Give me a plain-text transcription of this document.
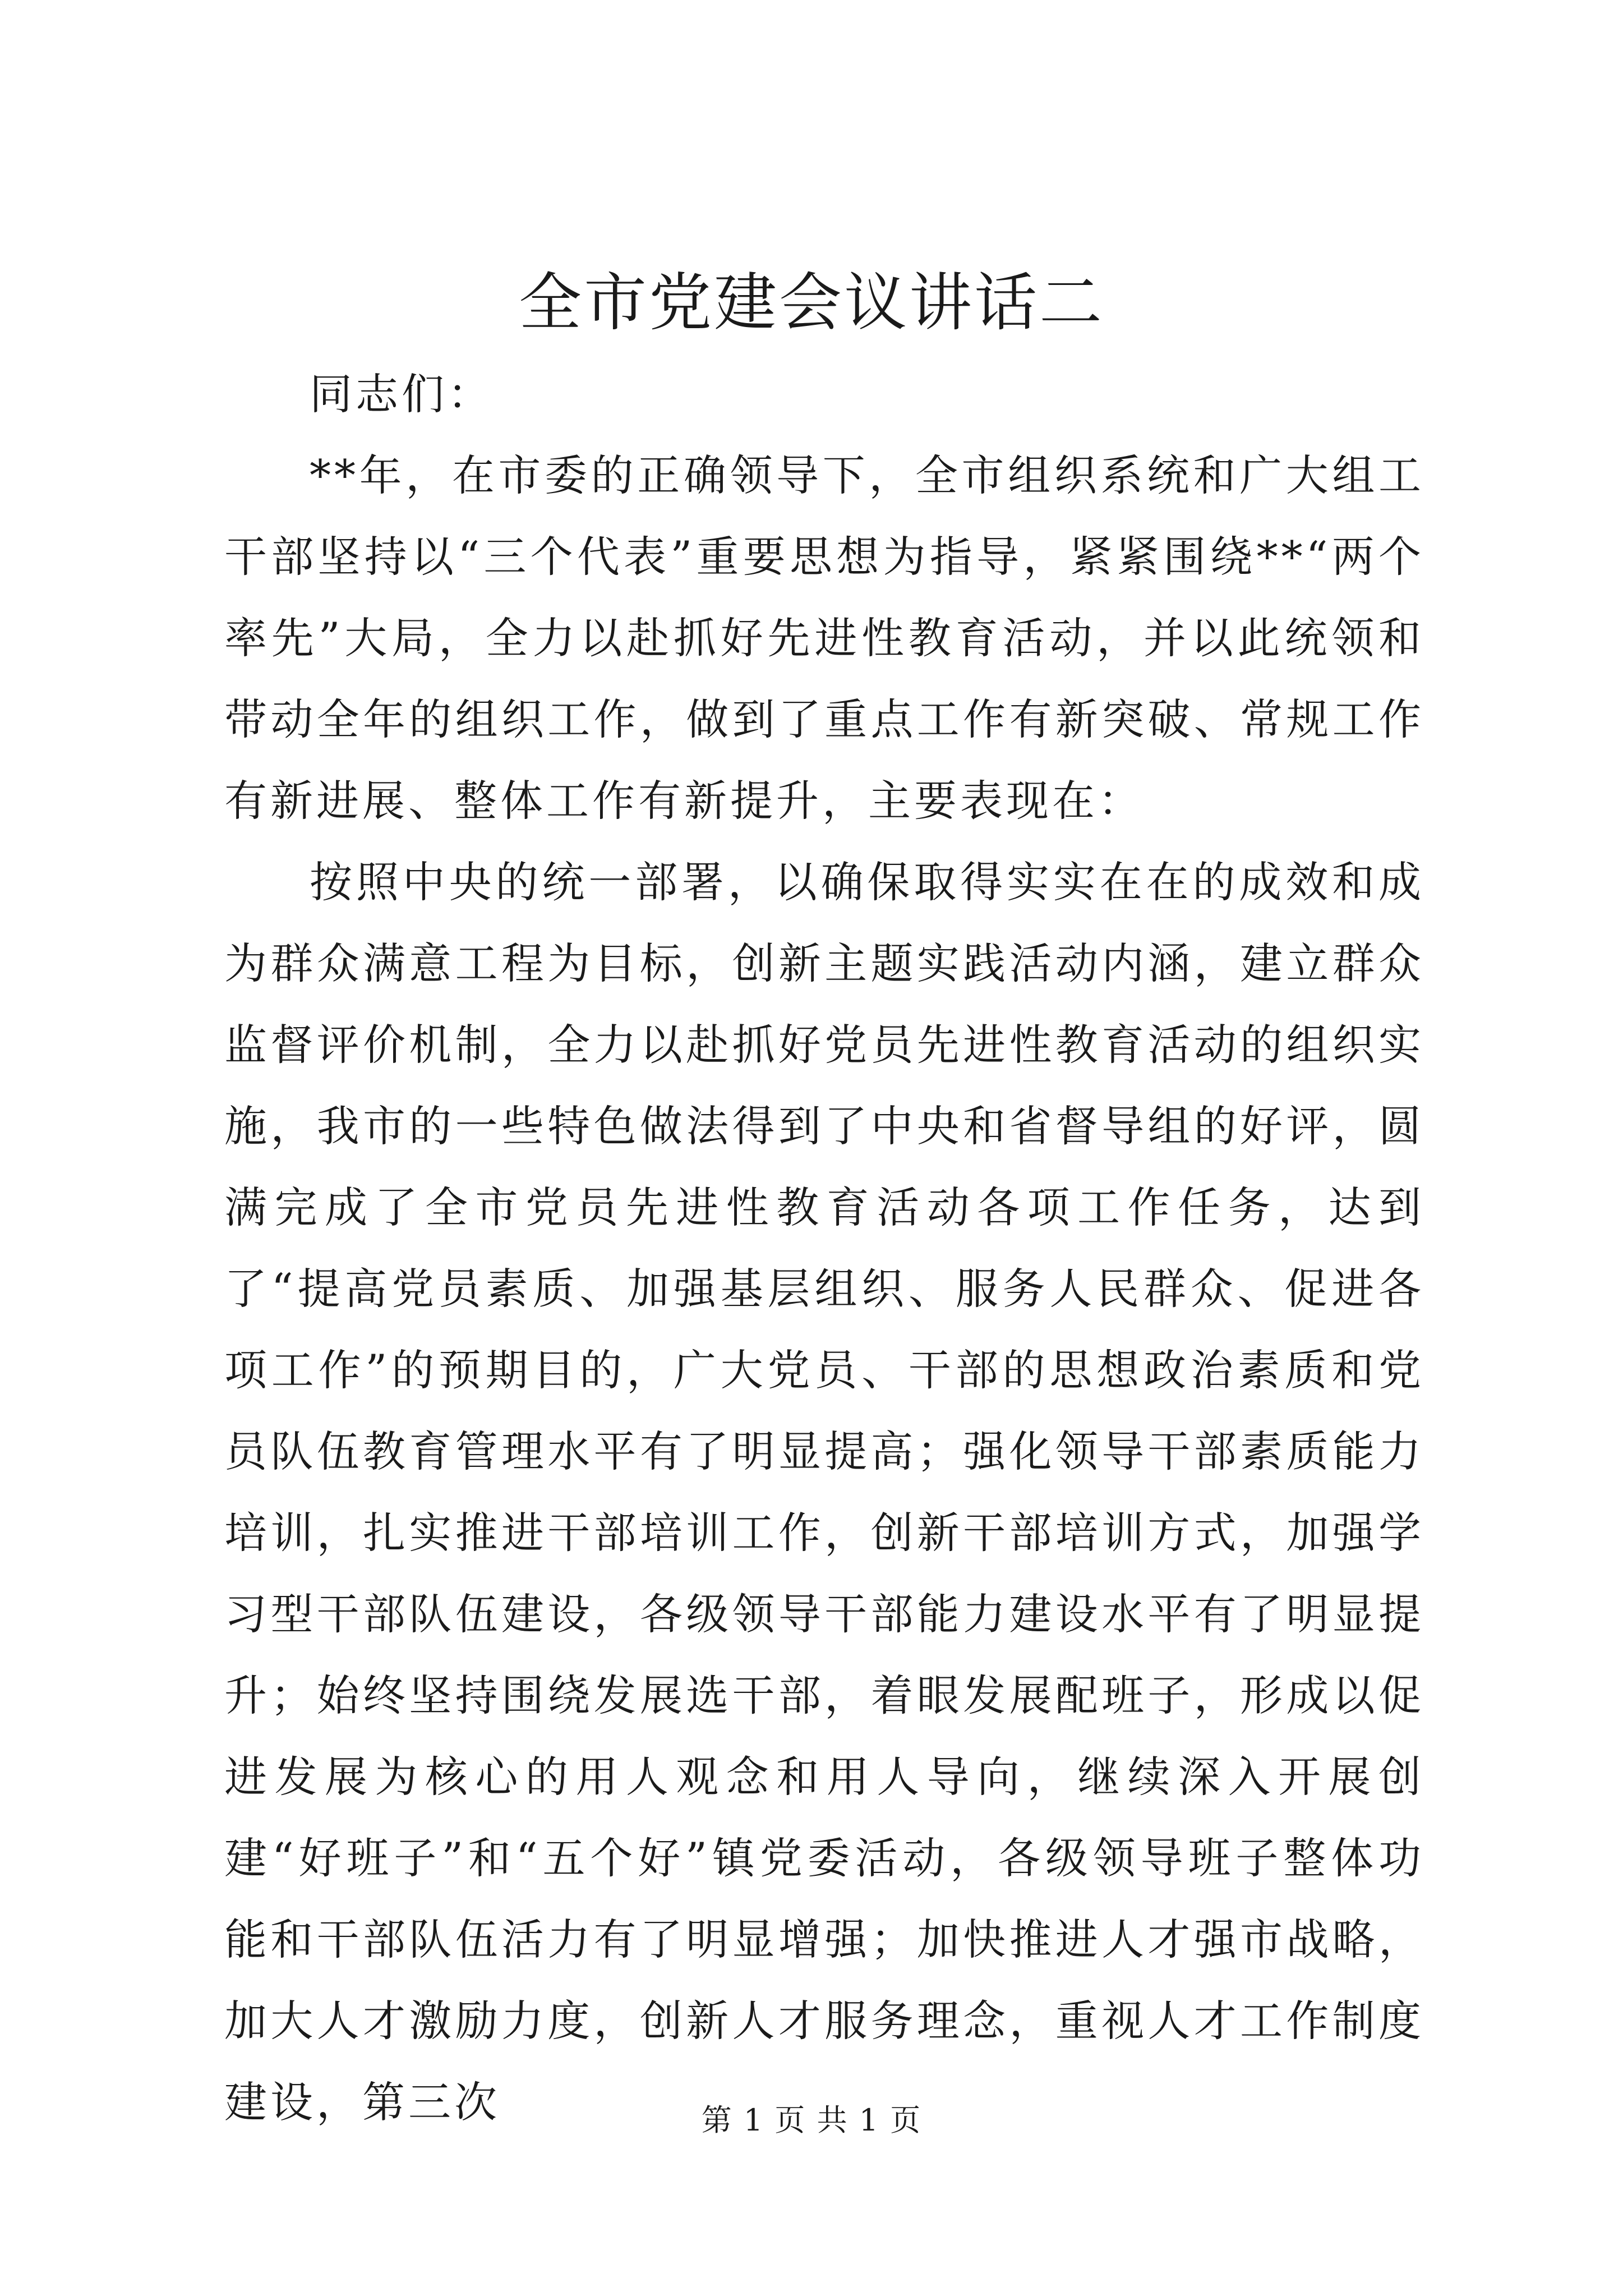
全市党建会议讲话二

同志们：

**年，在市委的正确领导下，全市组织系统和广大组工干部坚持以“三个代表”重要思想为指导，紧紧围绕**“两个率先”大局，全力以赴抓好先进性教育活动，并以此统领和带动全年的组织工作，做到了重点工作有新突破、常规工作有新进展、整体工作有新提升，主要表现在：

按照中央的统一部署，以确保取得实实在在的成效和成为群众满意工程为目标，创新主题实践活动内涵，建立群众监督评价机制，全力以赴抓好党员先进性教育活动的组织实施，我市的一些特色做法得到了中央和省督导组的好评，圆满完成了全市党员先进性教育活动各项工作任务，达到了“提高党员素质、加强基层组织、服务人民群众、促进各项工作”的预期目的，广大党员、干部的思想政治素质和党员队伍教育管理水平有了明显提高；强化领导干部素质能力培训，扎实推进干部培训工作，创新干部培训方式，加强学习型干部队伍建设，各级领导干部能力建设水平有了明显提升；始终坚持围绕发展选干部，着眼发展配班子，形成以促进发展为核心的用人观念和用人导向，继续深入开展创建“好班子”和“五个好”镇党委活动，各级领导班子整体功能和干部队伍活力有了明显增强；加快推进人才强市战略，加大人才激励力度，创新人才服务理念，重视人才工作制度建设，第三次	第 1 页 共 1 页
